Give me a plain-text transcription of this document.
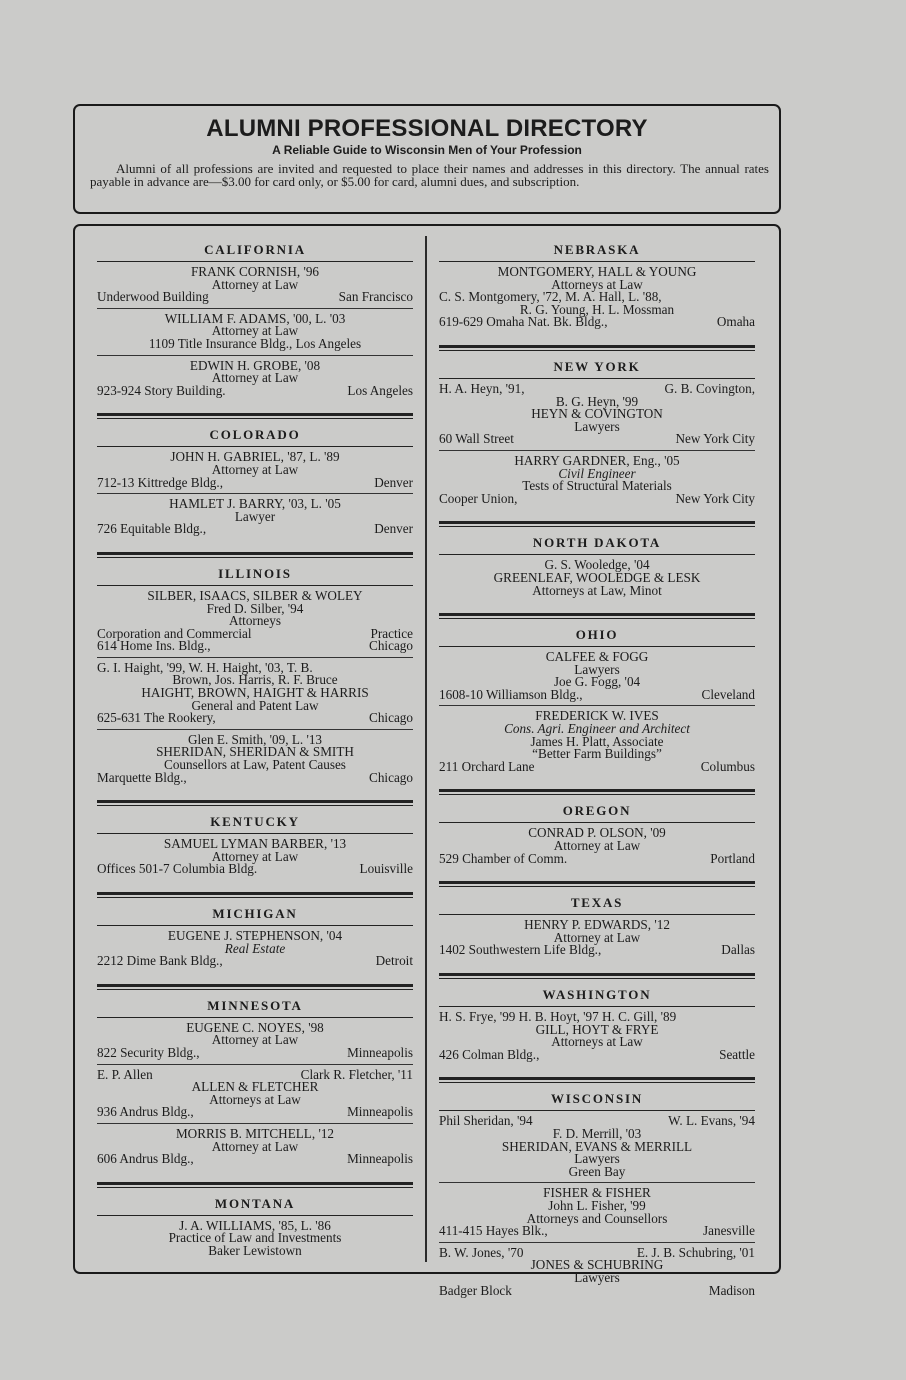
ALUMNI PROFESSIONAL DIRECTORY
A Reliable Guide to Wisconsin Men of Your Profession
Alumni of all professions are invited and requested to place their names and addresses in this directory. The annual rates payable in advance are—$3.00 for card only, or $5.00 for card, alumni dues, and subscription.
CALIFORNIA
FRANK CORNISH, '96
Attorney at Law
Underwood Building	San Francisco
WILLIAM F. ADAMS, '00, L. '03
Attorney at Law
1109 Title Insurance Bldg., Los Angeles
EDWIN H. GROBE, '08
Attorney at Law
923-924 Story Building.	Los Angeles
COLORADO
JOHN H. GABRIEL, '87, L. '89
Attorney at Law
712-13 Kittredge Bldg.,	Denver
HAMLET J. BARRY, '03, L. '05
Lawyer
726 Equitable Bldg.,	Denver
ILLINOIS
SILBER, ISAACS, SILBER & WOLEY
Fred D. Silber, '94
Attorneys
Corporation and Commercial	Practice
614 Home Ins. Bldg.,	Chicago
G. I. Haight, '99, W. H. Haight, '03, T. B.
Brown, Jos. Harris, R. F. Bruce
HAIGHT, BROWN, HAIGHT & HARRIS
General and Patent Law
625-631 The Rookery,	Chicago
Glen E. Smith, '09, L. '13
SHERIDAN, SHERIDAN & SMITH
Counsellors at Law, Patent Causes
Marquette Bldg.,	Chicago
KENTUCKY
SAMUEL LYMAN BARBER, '13
Attorney at Law
Offices 501-7 Columbia Bldg.	Louisville
MICHIGAN
EUGENE J. STEPHENSON, '04
Real Estate
2212 Dime Bank Bldg.,	Detroit
MINNESOTA
EUGENE C. NOYES, '98
Attorney at Law
822 Security Bldg.,	Minneapolis
E. P. Allen	Clark R. Fletcher, '11
ALLEN & FLETCHER
Attorneys at Law
936 Andrus Bldg.,	Minneapolis
MORRIS B. MITCHELL, '12
Attorney at Law
606 Andrus Bldg.,	Minneapolis
MONTANA
J. A. WILLIAMS, '85, L. '86
Practice of Law and Investments
Baker Lewistown
NEBRASKA
MONTGOMERY, HALL & YOUNG
Attorneys at Law
C. S. Montgomery, '72, M. A. Hall, L. '88,
R. G. Young, H. L. Mossman
619-629 Omaha Nat. Bk. Bldg.,	Omaha
NEW YORK
H. A. Heyn, '91,	G. B. Covington,
B. G. Heyn, '99
HEYN & COVINGTON
Lawyers
60 Wall Street	New York City
HARRY GARDNER, Eng., '05
Civil Engineer
Tests of Structural Materials
Cooper Union,	New York City
NORTH DAKOTA
G. S. Wooledge, '04
GREENLEAF, WOOLEDGE & LESK
Attorneys at Law, Minot
OHIO
CALFEE & FOGG
Lawyers
Joe G. Fogg, '04
1608-10 Williamson Bldg.,	Cleveland
FREDERICK W. IVES
Cons. Agri. Engineer and Architect
James H. Platt, Associate
“Better Farm Buildings”
211 Orchard Lane	Columbus
OREGON
CONRAD P. OLSON, '09
Attorney at Law
529 Chamber of Comm.	Portland
TEXAS
HENRY P. EDWARDS, '12
Attorney at Law
1402 Southwestern Life Bldg.,	Dallas
WASHINGTON
H. S. Frye, '99 H. B. Hoyt, '97 H. C. Gill, '89
GILL, HOYT & FRYE
Attorneys at Law
426 Colman Bldg.,	Seattle
WISCONSIN
Phil Sheridan, '94	W. L. Evans, '94
F. D. Merrill, '03
SHERIDAN, EVANS & MERRILL
Lawyers
Green Bay
FISHER & FISHER
John L. Fisher, '99
Attorneys and Counsellors
411-415 Hayes Blk.,	Janesville
B. W. Jones, '70	E. J. B. Schubring, '01
JONES & SCHUBRING
Lawyers
Badger Block	Madison
